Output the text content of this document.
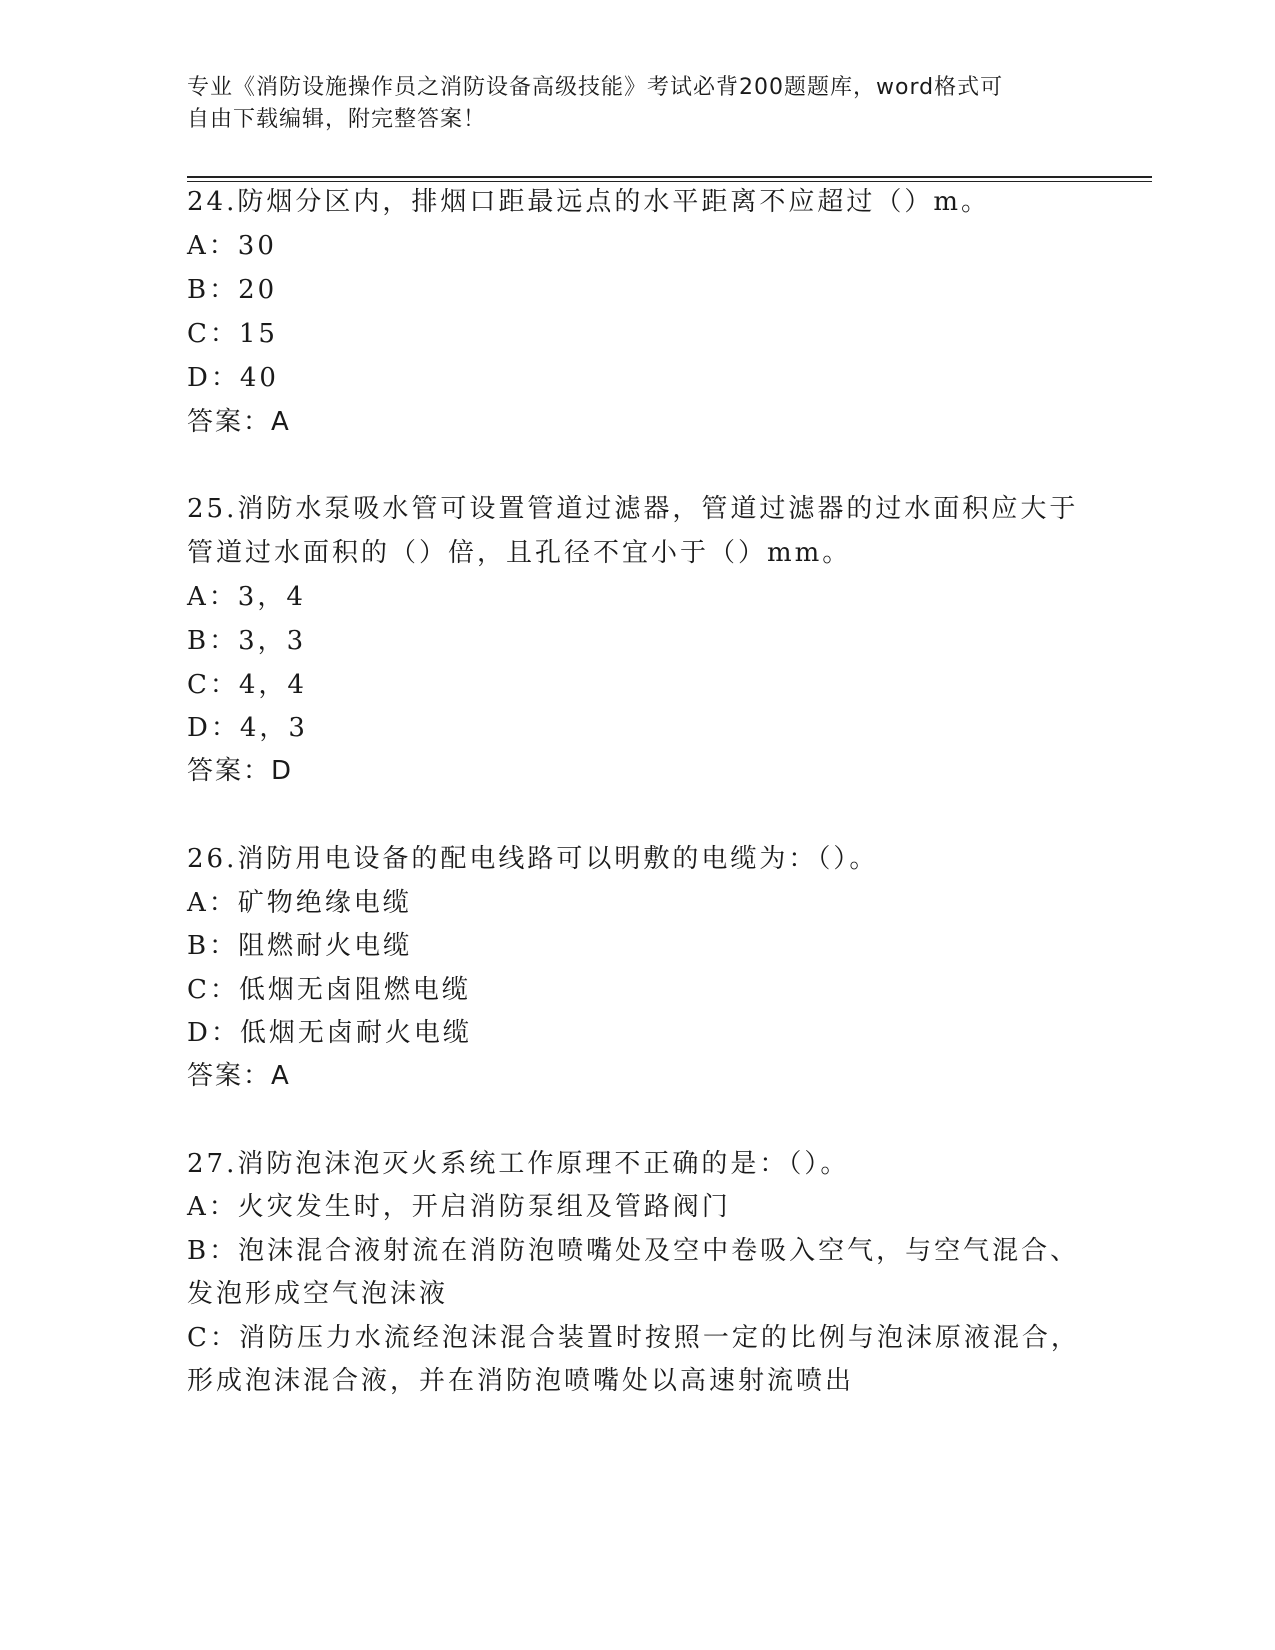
专业《消防设施操作员之消防设备高级技能》考试必背200题题库，word格式可

自由下载编辑，附完整答案！

24.防烟分区内，排烟口距最远点的水平距离不应超过（）m。
A：30
B：20
C：15
D：40
答案：A
25.消防水泵吸水管可设置管道过滤器，管道过滤器的过水面积应大于
管道过水面积的（）倍，且孔径不宜小于（）mm。
A：3，4
B：3，3
C：4，4
D：4，3
答案：D
26.消防用电设备的配电线路可以明敷的电缆为：（）。
A：矿物绝缘电缆
B：阻燃耐火电缆
C：低烟无卤阻燃电缆
D：低烟无卤耐火电缆
答案：A
27.消防泡沫泡灭火系统工作原理不正确的是：（）。
A：火灾发生时，开启消防泵组及管路阀门
B：泡沫混合液射流在消防泡喷嘴处及空中卷吸入空气，与空气混合、
发泡形成空气泡沫液
C：消防压力水流经泡沫混合装置时按照一定的比例与泡沫原液混合，
形成泡沫混合液，并在消防泡喷嘴处以高速射流喷出
